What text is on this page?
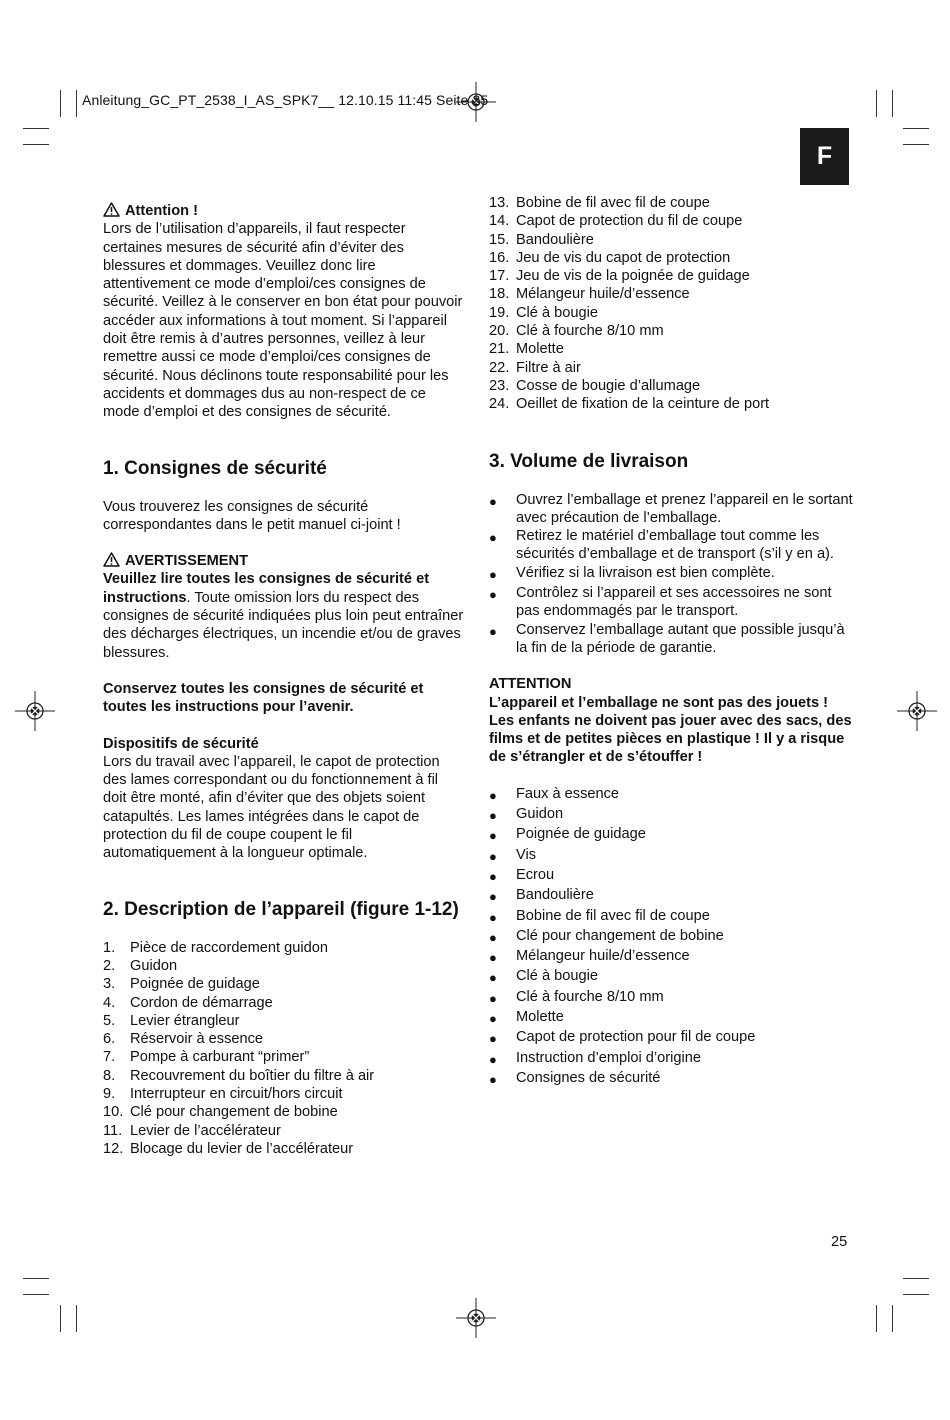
Anleitung_GC_PT_2538_I_AS_SPK7__ 12.10.15 11:45 Seite 25
F

Attention !

Lors de l’utilisation d’appareils, il faut respecter certaines mesures de sécurité afin d’éviter des blessures et dommages. Veuillez donc lire attentivement ce mode d’emploi/ces consignes de sécurité. Veillez à le conserver en bon état pour pouvoir accéder aux informations à tout moment. Si l’appareil doit être remis à d’autres personnes, veillez à leur remettre aussi ce mode d’emploi/ces consignes de sécurité. Nous déclinons toute responsabilité pour les accidents et dommages dus au non-respect de ce mode d’emploi et des consignes de sécurité.

1. Consignes de sécurité

Vous trouverez les consignes de sécurité correspondantes dans le petit manuel ci-joint !

AVERTISSEMENT

Veuillez lire toutes les consignes de sécurité et instructions. Toute omission lors du respect des consignes de sécurité indiquées plus loin peut entraîner des décharges électriques, un incendie et/ou de graves blessures.

Conservez toutes les consignes de sécurité et toutes les instructions pour l’avenir.

Dispositifs de sécurité

Lors du travail avec l’appareil, le capot de protection des lames correspondant ou du fonctionnement à fil doit être monté, afin d’éviter que des objets soient catapultés. Les lames intégrées dans le capot de protection du fil de coupe coupent le fil automatiquement à la longueur optimale.

2. Description de l’appareil (figure 1-12)
1.	Pièce de raccordement guidon
2.	Guidon
3.	Poignée de guidage
4.	Cordon de démarrage
5.	Levier étrangleur
6.	Réservoir à essence
7.	Pompe à carburant “primer”
8.	Recouvrement du boîtier du filtre à air
9.	Interrupteur en circuit/hors circuit
10. Clé pour changement de bobine
11. Levier de l’accélérateur
12. Blocage du levier de l’accélérateur
13. Bobine de fil avec fil de coupe
14. Capot de protection du fil de coupe
15. Bandoulière
16. Jeu de vis du capot de protection
17. Jeu de vis de la poignée de guidage
18. Mélangeur huile/d’essence
19. Clé à bougie
20. Clé à fourche 8/10 mm
21. Molette
22. Filtre à air
23. Cosse de bougie d’allumage
24. Oeillet de fixation de la ceinture de port
3. Volume de livraison
●	Ouvrez l’emballage et prenez l’appareil en le sortant avec précaution de l’emballage.
●	Retirez le matériel d’emballage tout comme les sécurités d’emballage et de transport (s’il y en a).
●	Vérifiez si la livraison est bien complète.
●	Contrôlez si l’appareil et ses accessoires ne sont pas endommagés par le transport.
●	Conservez l’emballage autant que possible jusqu’à la fin de la période de garantie.

ATTENTION

L’appareil et l’emballage ne sont pas des jouets ! Les enfants ne doivent pas jouer avec des sacs, des films et de petites pièces en plastique ! Il y a risque de s’étrangler et de s’étouffer !

●	Faux à essence
●	Guidon
●	Poignée de guidage
●	Vis
●	Ecrou
●	Bandoulière
●	Bobine de fil avec fil de coupe
●	Clé pour changement de bobine
●	Mélangeur huile/d’essence
●	Clé à bougie
●	Clé à fourche 8/10 mm
●	Molette
●	Capot de protection pour fil de coupe
●	Instruction d’emploi d’origine
●	Consignes de sécurité
25
